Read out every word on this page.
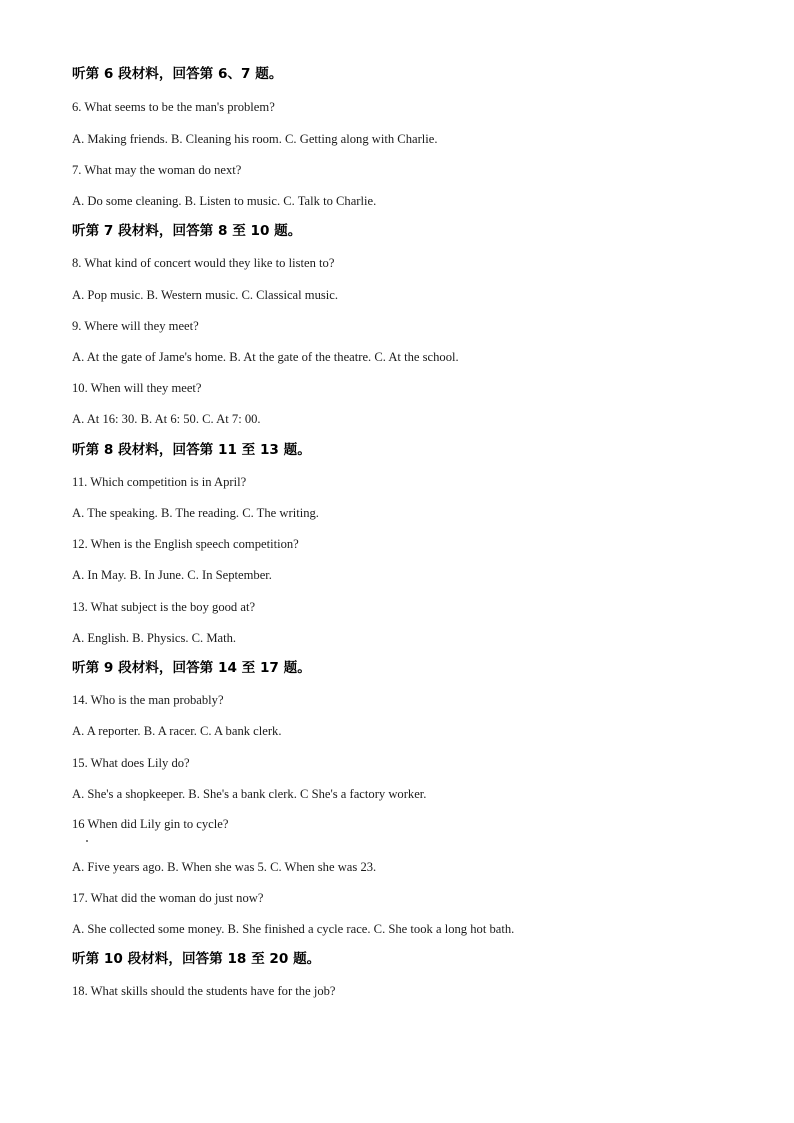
听第 6 段材料，回答第 6、7 题。
6. What seems to be the man's problem?
A. Making friends. B. Cleaning his room. C. Getting along with Charlie.
7. What may the woman do next?
A. Do some cleaning. B. Listen to music. C. Talk to Charlie.
听第 7 段材料，回答第 8 至 10 题。
8. What kind of concert would they like to listen to?
A. Pop music. B. Western music. C. Classical music.
9. Where will they meet?
A. At the gate of Jame's home. B. At the gate of the theatre. C. At the school.
10. When will they meet?
A. At 16: 30. B. At 6: 50. C. At 7: 00.
听第 8 段材料，回答第 11 至 13 题。
11. Which competition is in April?
A. The speaking. B. The reading. C. The writing.
12. When is the English speech competition?
A. In May. B. In June. C. In September.
13. What subject is the boy good at?
A. English. B. Physics. C. Math.
听第 9 段材料，回答第 14 至 17 题。
14. Who is the man probably?
A. A reporter. B. A racer. C. A bank clerk.
15. What does Lily do?
A. She's a shopkeeper. B. She's a bank clerk. C She's a factory worker.
16 When did Lily gin to cycle?
A. Five years ago. B. When she was 5. C. When she was 23.
17. What did the woman do just now?
A. She collected some money. B. She finished a cycle race. C. She took a long hot bath.
听第 10 段材料，回答第 18 至 20 题。
18. What skills should the students have for the job?
